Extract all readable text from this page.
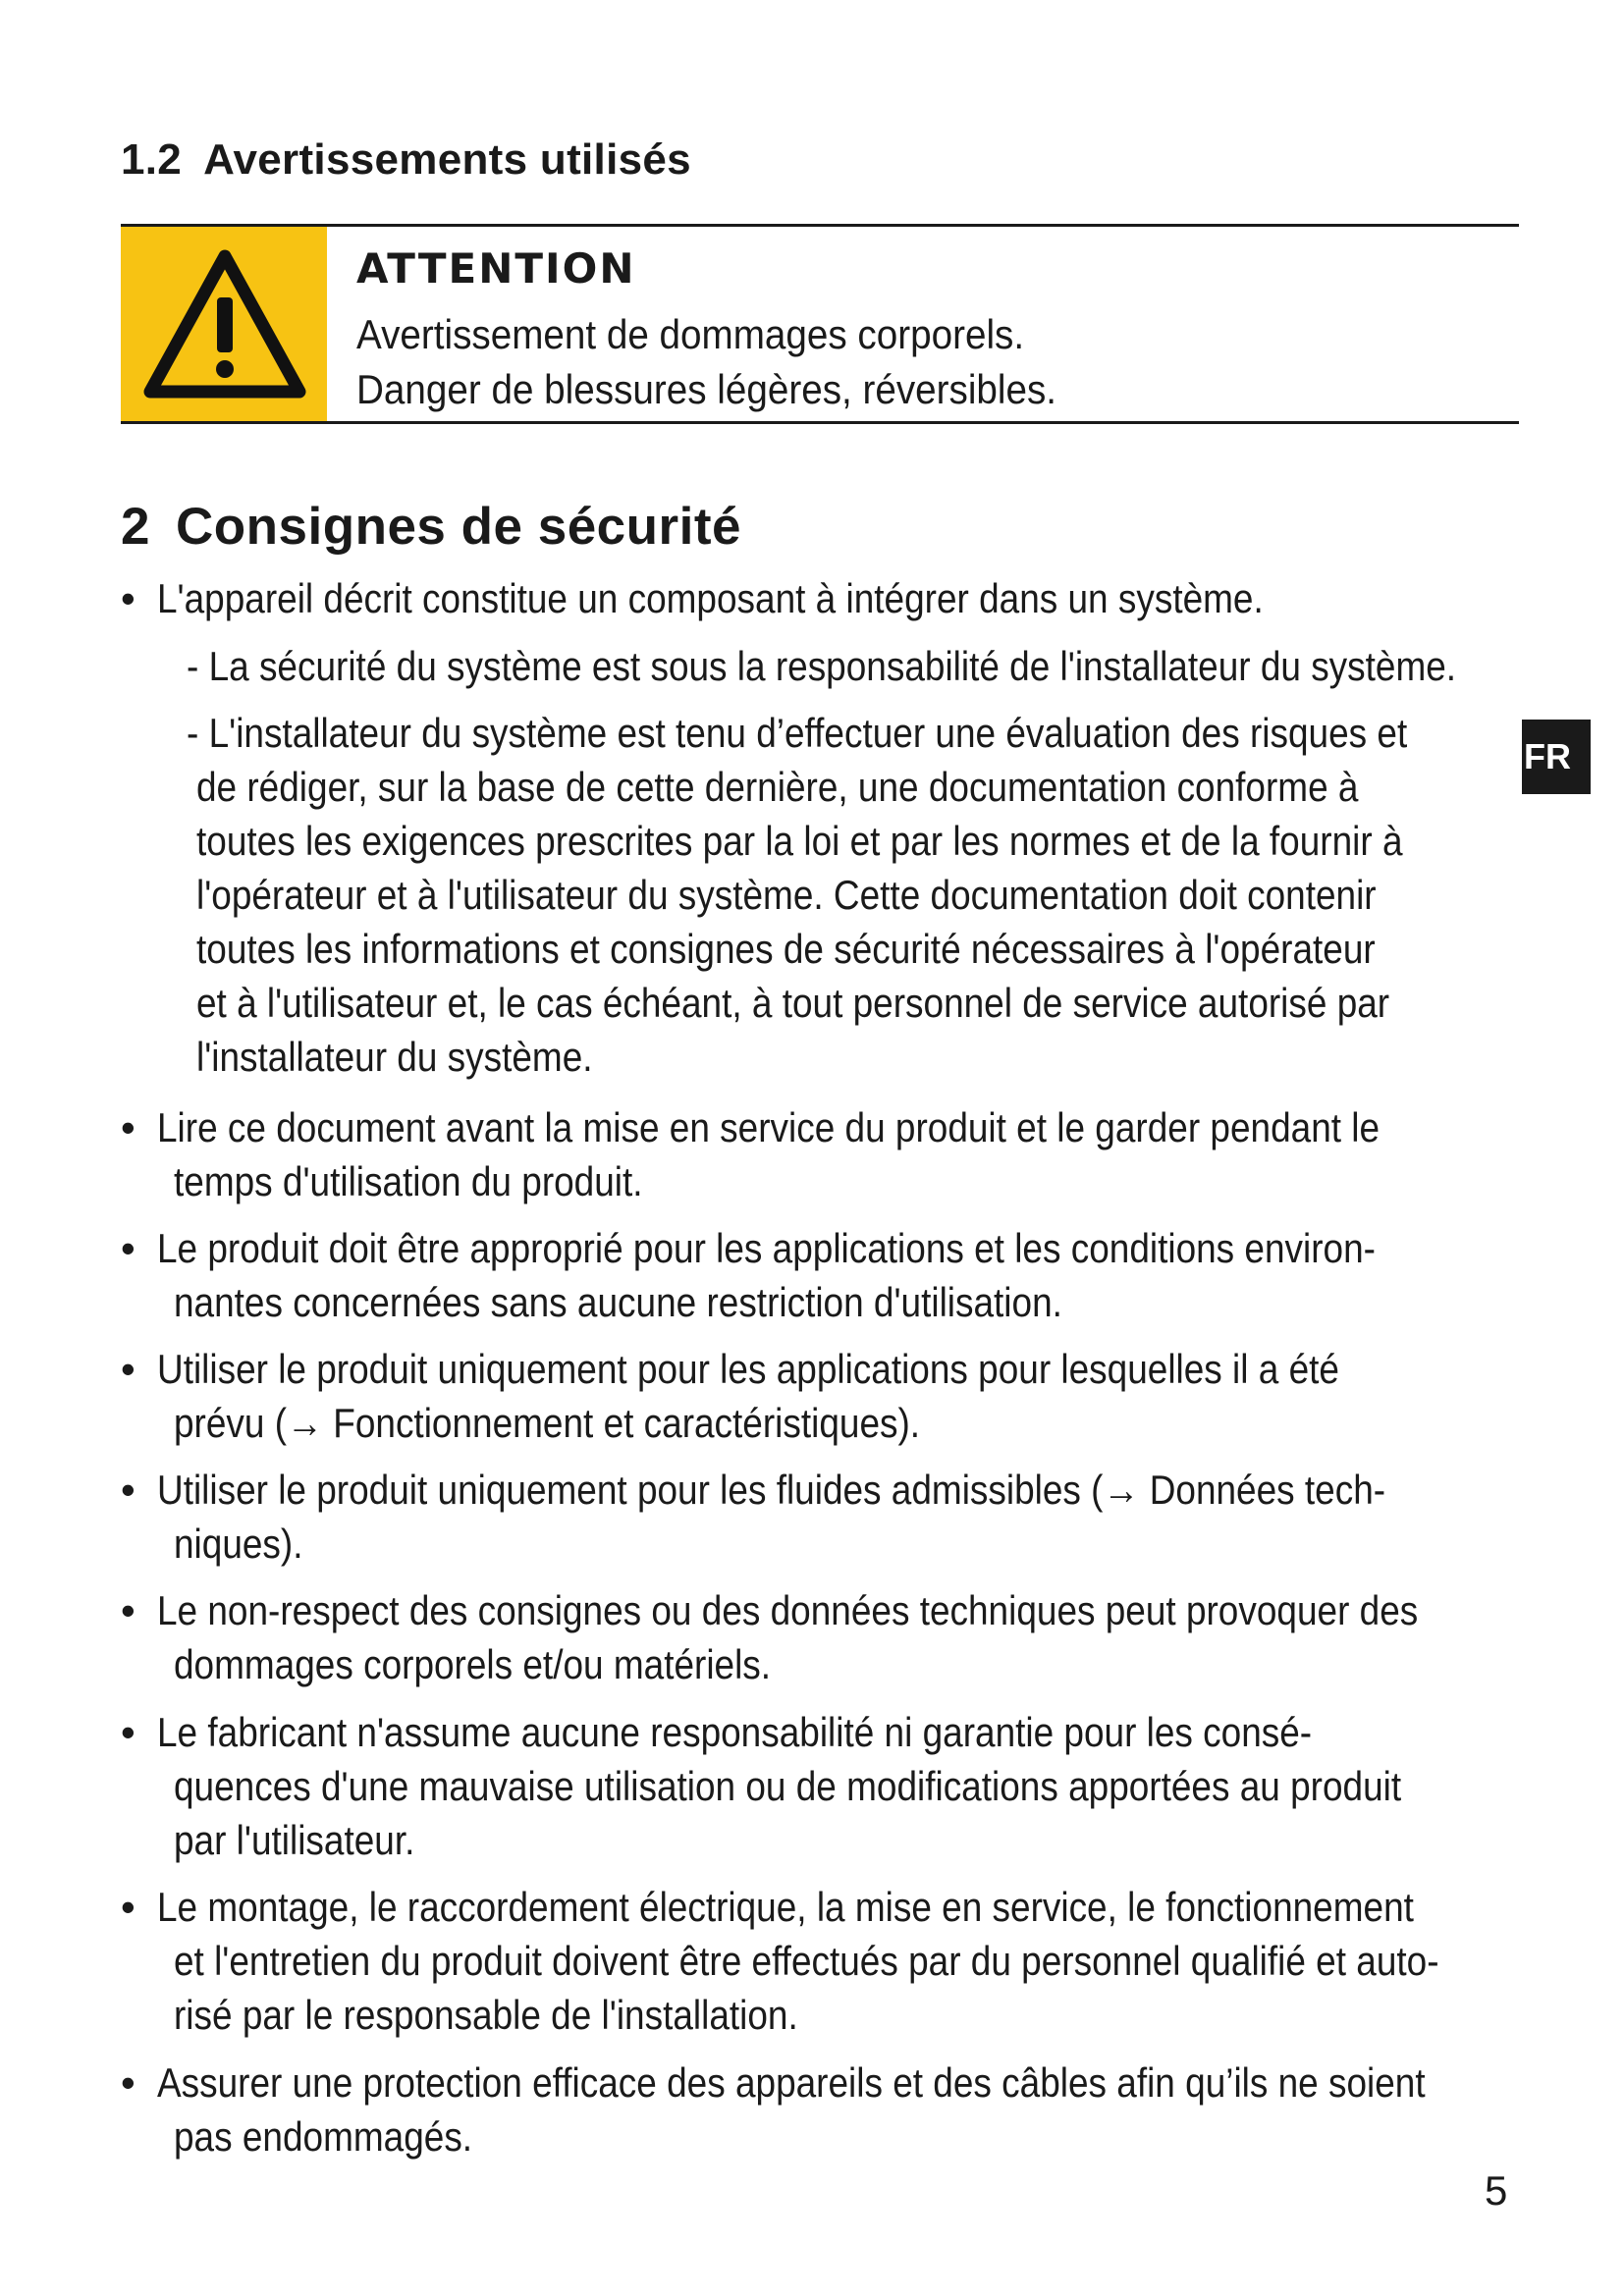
1.2 Avertissements utilisés
ATTENTION
Avertissement de dommages corporels.
Danger de blessures légères, réversibles.
2 Consignes de sécurité
• L'appareil décrit constitue un composant à intégrer dans un système.
• Lire ce document avant la mise en service du produit et le garder pendant le
temps d'utilisation du produit.
• Le produit doit être approprié pour les applications et les conditions environ-
nantes concernées sans aucune restriction d'utilisation.
• Utiliser le produit uniquement pour les applications pour lesquelles il a été
prévu (→ Fonctionnement et caractéristiques).
• Utiliser le produit uniquement pour les fluides admissibles (→ Données tech-
niques).
• Le non-respect des consignes ou des données techniques peut provoquer des
dommages corporels et/ou matériels.
• Le fabricant n'assume aucune responsabilité ni garantie pour les consé-
quences d'une mauvaise utilisation ou de modifications apportées au produit
par l'utilisateur.
• Le montage, le raccordement électrique, la mise en service, le fonctionnement
et l'entretien du produit doivent être effectués par du personnel qualifié et auto-
risé par le responsable de l'installation.
• Assurer une protection efficace des appareils et des câbles afin qu’ils ne soient
pas endommagés.
- La sécurité du système est sous la responsabilité de l'installateur du système.
- L'installateur du système est tenu d’effectuer une évaluation des risques et
de rédiger, sur la base de cette dernière, une documentation conforme à
toutes les exigences prescrites par la loi et par les normes et de la fournir à
l'opérateur et à l'utilisateur du système. Cette documentation doit contenir
toutes les informations et consignes de sécurité nécessaires à l'opérateur
et à l'utilisateur et, le cas échéant, à tout personnel de service autorisé par
l'installateur du système.
FR
5
